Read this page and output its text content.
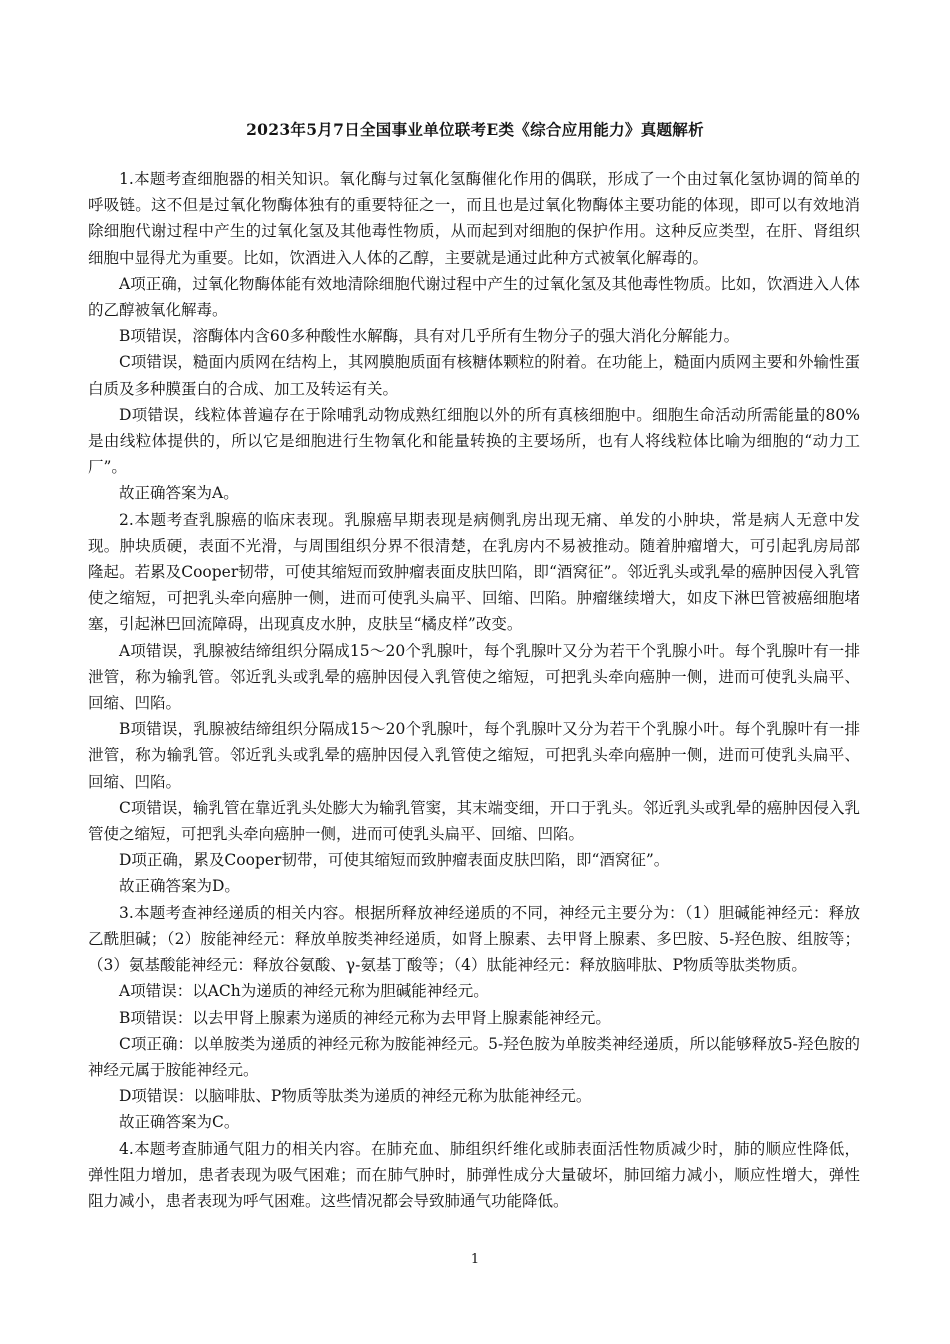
2023年5月7日全国事业单位联考E类《综合应用能力》真题解析

1.本题考查细胞器的相关知识。氧化酶与过氧化氢酶催化作用的偶联，形成了一个由过氧化氢协调的简单的呼吸链。这不但是过氧化物酶体独有的重要特征之一，而且也是过氧化物酶体主要功能的体现，即可以有效地消除细胞代谢过程中产生的过氧化氢及其他毒性物质，从而起到对细胞的保护作用。这种反应类型，在肝、肾组织细胞中显得尤为重要。比如，饮酒进入人体的乙醇，主要就是通过此种方式被氧化解毒的。

A项正确，过氧化物酶体能有效地清除细胞代谢过程中产生的过氧化氢及其他毒性物质。比如，饮酒进入人体的乙醇被氧化解毒。

B项错误，溶酶体内含60多种酸性水解酶，具有对几乎所有生物分子的强大消化分解能力。

C项错误，糙面内质网在结构上，其网膜胞质面有核糖体颗粒的附着。在功能上，糙面内质网主要和外输性蛋白质及多种膜蛋白的合成、加工及转运有关。

D项错误，线粒体普遍存在于除哺乳动物成熟红细胞以外的所有真核细胞中。细胞生命活动所需能量的80%是由线粒体提供的，所以它是细胞进行生物氧化和能量转换的主要场所，也有人将线粒体比喻为细胞的“动力工厂”。

故正确答案为A。

2.本题考查乳腺癌的临床表现。乳腺癌早期表现是病侧乳房出现无痛、单发的小肿块，常是病人无意中发现。肿块质硬，表面不光滑，与周围组织分界不很清楚，在乳房内不易被推动。随着肿瘤增大，可引起乳房局部隆起。若累及Cooper韧带，可使其缩短而致肿瘤表面皮肤凹陷，即“酒窝征”。邻近乳头或乳晕的癌肿因侵入乳管使之缩短，可把乳头牵向癌肿一侧，进而可使乳头扁平、回缩、凹陷。肿瘤继续增大，如皮下淋巴管被癌细胞堵塞，引起淋巴回流障碍，出现真皮水肿，皮肤呈“橘皮样”改变。

A项错误，乳腺被结缔组织分隔成15～20个乳腺叶，每个乳腺叶又分为若干个乳腺小叶。每个乳腺叶有一排泄管，称为输乳管。邻近乳头或乳晕的癌肿因侵入乳管使之缩短，可把乳头牵向癌肿一侧，进而可使乳头扁平、回缩、凹陷。

B项错误，乳腺被结缔组织分隔成15～20个乳腺叶，每个乳腺叶又分为若干个乳腺小叶。每个乳腺叶有一排泄管，称为输乳管。邻近乳头或乳晕的癌肿因侵入乳管使之缩短，可把乳头牵向癌肿一侧，进而可使乳头扁平、回缩、凹陷。

C项错误，输乳管在靠近乳头处膨大为输乳管窦，其末端变细，开口于乳头。邻近乳头或乳晕的癌肿因侵入乳管使之缩短，可把乳头牵向癌肿一侧，进而可使乳头扁平、回缩、凹陷。

D项正确，累及Cooper韧带，可使其缩短而致肿瘤表面皮肤凹陷，即“酒窝征”。

故正确答案为D。

3.本题考查神经递质的相关内容。根据所释放神经递质的不同，神经元主要分为：（1）胆碱能神经元：释放乙酰胆碱；（2）胺能神经元：释放单胺类神经递质，如肾上腺素、去甲肾上腺素、多巴胺、5-羟色胺、组胺等；（3）氨基酸能神经元：释放谷氨酸、γ-氨基丁酸等；（4）肽能神经元：释放脑啡肽、P物质等肽类物质。

A项错误：以ACh为递质的神经元称为胆碱能神经元。

B项错误：以去甲肾上腺素为递质的神经元称为去甲肾上腺素能神经元。

C项正确：以单胺类为递质的神经元称为胺能神经元。5-羟色胺为单胺类神经递质，所以能够释放5-羟色胺的神经元属于胺能神经元。

D项错误：以脑啡肽、P物质等肽类为递质的神经元称为肽能神经元。

故正确答案为C。

4.本题考查肺通气阻力的相关内容。在肺充血、肺组织纤维化或肺表面活性物质减少时，肺的顺应性降低，弹性阻力增加，患者表现为吸气困难；而在肺气肿时，肺弹性成分大量破坏，肺回缩力减小，顺应性增大，弹性阻力减小，患者表现为呼气困难。这些情况都会导致肺通气功能降低。

1
